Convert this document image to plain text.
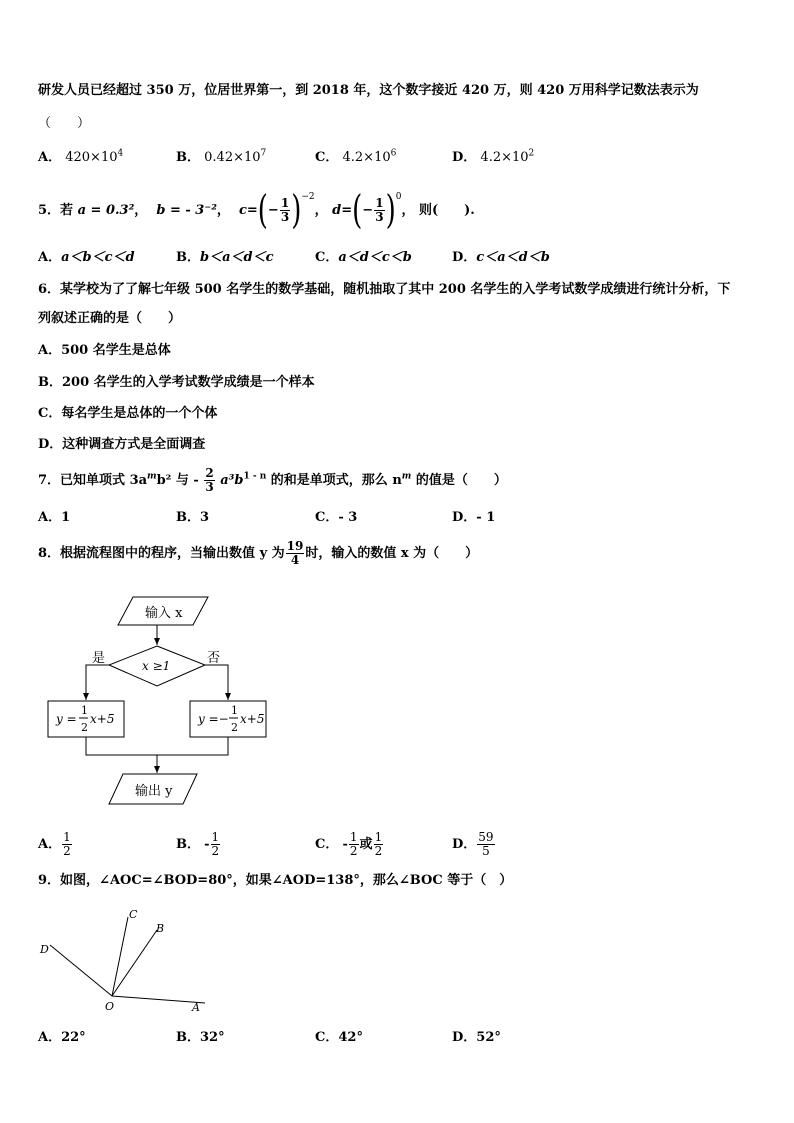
研发人员已经超过 350 万，位居世界第一，到 2018 年，这个数字接近 420 万，则 420 万用科学记数法表示为
（　　）
A． $420\times 10^4$	B． $0.42\times 10^7$	C． $4.2\times 10^6$	D． $4.2\times 10^2$
5．若 a = 0.3²，  b = - 3⁻²，  $c=(- \frac{1}{3} )^{-2}$， $d=(- \frac{1}{3} )^0$， 则(　　).
A．a＜b＜c＜d	B．b＜a＜d＜c	C．a＜d＜c＜b	D．c＜a＜d＜b
6．某学校为了了解七年级 500 名学生的数学基础，随机抽取了其中 200 名学生的入学考试数学成绩进行统计分析，下
列叙述正确的是（　　）
A．500 名学生是总体
B．200 名学生的入学考试数学成绩是一个样本
C．每名学生是总体的一个个体
D．这种调查方式是全面调查
7．已知单项式 $3a^mb^2$ 与 - $\frac{2}{3} a^3b^{1 - n}$ 的和是单项式，那么 $n^m$ 的值是（　　）
A．1	B．3	C．- 3	D．- 1
8．根据流程图中的程序，当输出数值 y 为 $\frac{19}{4}$ 时，输入的数值 x 为（　　）
输入 x
x ≥1
是	否
y =
1
2
x+5	y =−
1
2
x+5
输出 y
A． $\frac{1}{2}$	B． - $\frac{1}{2}$	C． - $\frac{1}{2}$ 或 $\frac{1}{2}$	D． $\frac{59}{5}$
9．如图，∠AOC=∠BOD=80°，如果∠AOD=138°，那么∠BOC 等于（　）
C
B
D
O	A
A．22°	B．32°	C．42°	D．52°
